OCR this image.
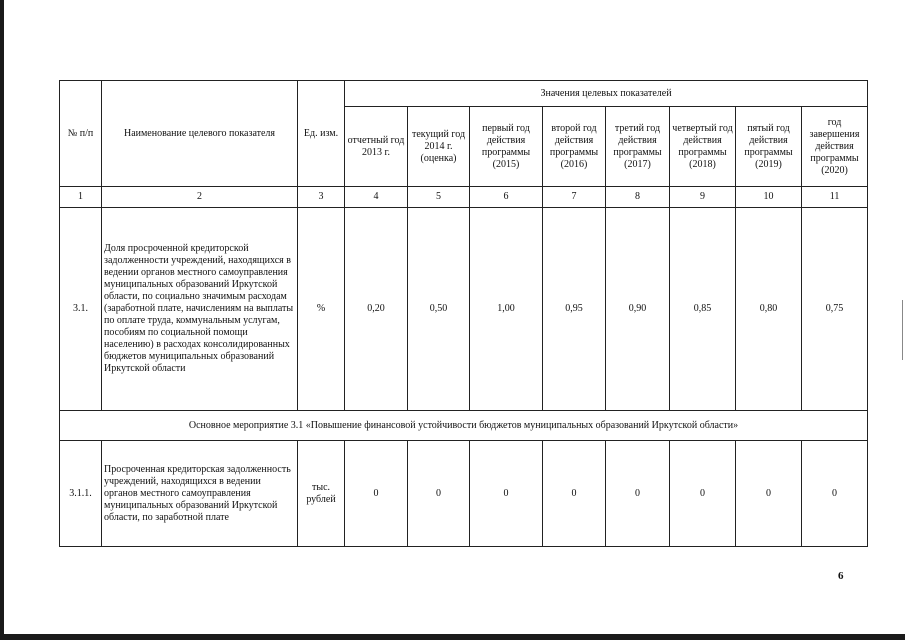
№ п/п	Наименование целевого показателя	Ед. изм.	Значения целевых показателей							
			отчетный год 2013 г.	текущий год 2014 г. (оценка)	первый год действия программы (2015)	второй год действия программы (2016)	третий год действия программы (2017)	четвертый год действия программы (2018)	пятый год действия программы (2019)	год завершения действия программы (2020)
1	2	3	4	5	6	7	8	9	10	11
3.1.	Доля просроченной кредиторской задолженности учреждений, находящихся в ведении органов местного самоуправления муниципальных образований Иркутской области, по социально значимым расходам (заработной плате, начислениям на выплаты по оплате труда, коммунальным услугам, пособиям по социальной помощи населению) в расходах консолидированных бюджетов муниципальных образований Иркутской области	%	0,20	0,50	1,00	0,95	0,90	0,85	0,80	0,75
Основное мероприятие 3.1 «Повышение финансовой устойчивости бюджетов муниципальных образований Иркутской области»										
3.1.1.	Просроченная кредиторская задолженность учреждений, находящихся в ведении органов местного самоуправления муниципальных образований Иркутской области, по заработной плате	тыс. рублей	0	0	0	0	0	0	0	0
6
